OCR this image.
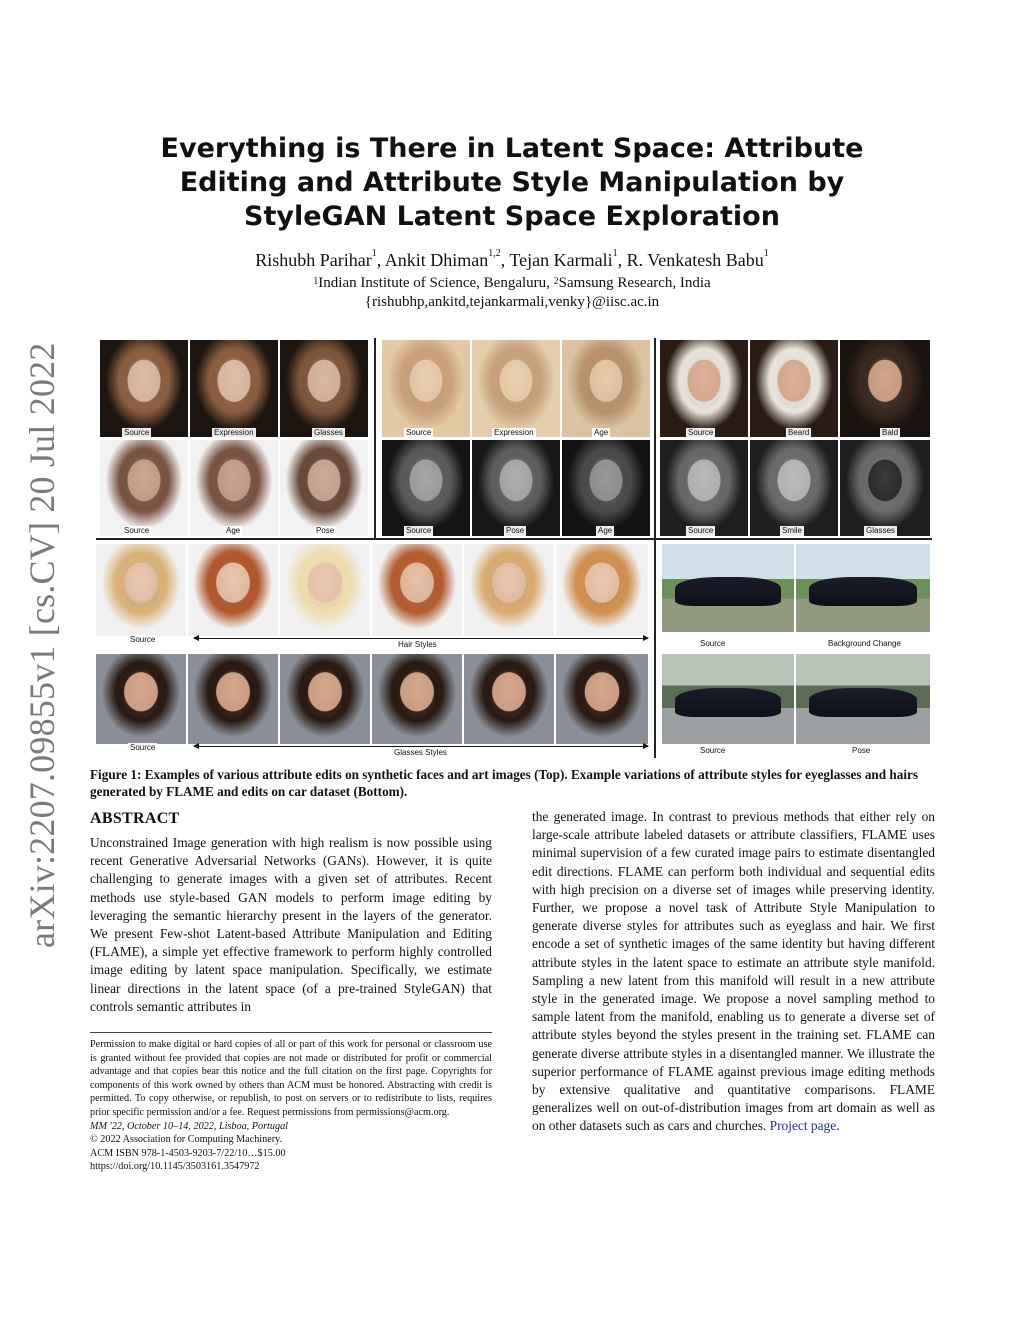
arXiv:2207.09855v1 [cs.CV] 20 Jul 2022
Everything is There in Latent Space: Attribute Editing and Attribute Style Manipulation by StyleGAN Latent Space Exploration
Rishubh Parihar$^1$, Ankit Dhiman$^{1,2}$, Tejan Karmali$^1$, R. Venkatesh Babu$^1$
$^1$Indian Institute of Science, Bengaluru, $^2$Samsung Research, India
{rishubhp,ankitd,tejankarmali,venky}@iisc.ac.in
Source	Expression	Glasses	Source	Expression	Age	Source	Beard	Bald
Source	Age	Pose	Source	Pose	Age	Source	Smile	Glasses
Source
Hair Styles	Source	Background Change
Source
Glasses Styles	Source	Pose
Figure 1: Examples of various attribute edits on synthetic faces and art images (Top). Example variations of attribute styles for eyeglasses and hairs generated by FLAME and edits on car dataset (Bottom).
ABSTRACT
Unconstrained Image generation with high realism is now possible using recent Generative Adversarial Networks (GANs). However, it is quite challenging to generate images with a given set of attributes. Recent methods use style-based GAN models to perform image editing by leveraging the semantic hierarchy present in the layers of the generator. We present Few-shot Latent-based Attribute Manipulation and Editing (FLAME), a simple yet effective framework to perform highly controlled image editing by latent space manipulation. Specifically, we estimate linear directions in the latent space (of a pre-trained StyleGAN) that controls semantic attributes in

Permission to make digital or hard copies of all or part of this work for personal or classroom use is granted without fee provided that copies are not made or distributed for profit or commercial advantage and that copies bear this notice and the full citation on the first page. Copyrights for components of this work owned by others than ACM must be honored. Abstracting with credit is permitted. To copy otherwise, or republish, to post on servers or to redistribute to lists, requires prior specific permission and/or a fee. Request permissions from permissions@acm.org.

MM '22, October 10–14, 2022, Lisboa, Portugal

© 2022 Association for Computing Machinery.

ACM ISBN 978-1-4503-9203-7/22/10…$15.00

https://doi.org/10.1145/3503161.3547972

the generated image. In contrast to previous methods that either rely on large-scale attribute labeled datasets or attribute classifiers, FLAME uses minimal supervision of a few curated image pairs to estimate disentangled edit directions. FLAME can perform both individual and sequential edits with high precision on a diverse set of images while preserving identity. Further, we propose a novel task of Attribute Style Manipulation to generate diverse styles for attributes such as eyeglass and hair. We first encode a set of synthetic images of the same identity but having different attribute styles in the latent space to estimate an attribute style manifold. Sampling a new latent from this manifold will result in a new attribute style in the generated image. We propose a novel sampling method to sample latent from the manifold, enabling us to generate a diverse set of attribute styles beyond the styles present in the training set. FLAME can generate diverse attribute styles in a disentangled manner. We illustrate the superior performance of FLAME against previous image editing methods by extensive qualitative and quantitative comparisons. FLAME generalizes well on out-of-distribution images from art domain as well as on other datasets such as cars and churches. Project page.
